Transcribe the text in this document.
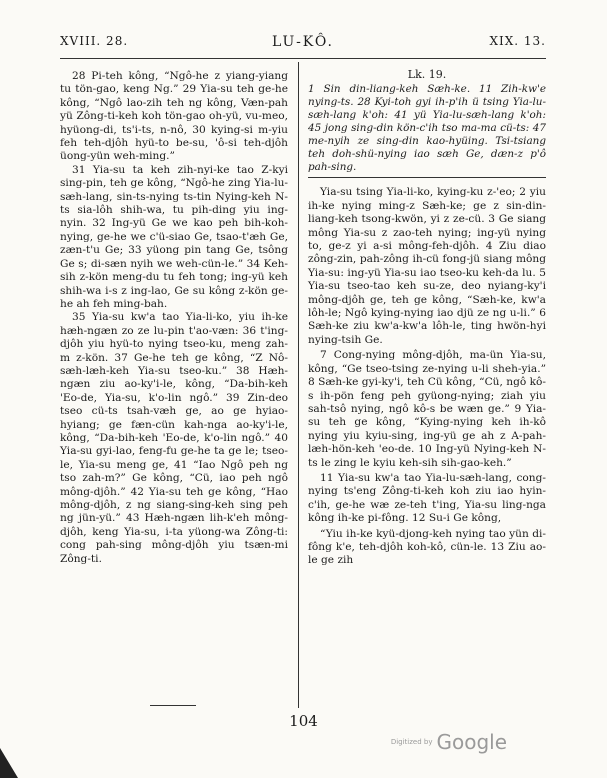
XVIII. 28.	LU-KÔ.	XIX. 13.

28 Pi-teh kông, “Ngô-he z yiang-yiang tu tön-gao, keng Ng.” 29 Yia-su teh ge-he kông, “Ngô lao-zih teh ng kông, Væn-pah yü Zông-ti-keh koh tön-gao oh-yü, vu-meo, hyüong-di, ts'i-ts, n-nô, 30 kying-si m-yiu feh teh-djôh hyü-to be-su, 'ô-si teh-djôh üong-yün weh-ming.”

31 Yia-su ta keh zih-nyi-ke tao Z-kyi sing-pin, teh ge kông, “Ngô-he zing Yia-lu-sæh-lang, sin-ts-nying ts-tin Nying-keh N-ts sia-lôh shih-wa, tu pih-ding yiu ing-nyin. 32 Ing-yü Ge we kao peh bih-koh-nying, ge-he we c'ü-siao Ge, tsao-t'æh Ge, zæn-t'u Ge; 33 yüong pin tang Ge, tsông Ge s; di-sæn nyih we weh-cün-le.” 34 Keh-sih z-kön meng-du tu feh tong; ing-yü keh shih-wa i-s z ing-lao, Ge su kông z-kön ge-he ah feh ming-bah.

35 Yia-su kw'a tao Yia-li-ko, yiu ih-ke hæh-ngæn zo ze lu-pin t'ao-væn: 36 t'ing-djôh yiu hyü-to nying tseo-ku, meng zah-m z-kön. 37 Ge-he teh ge kông, “Z Nô-sæh-læh-keh Yia-su tseo-ku.” 38 Hæh-ngæn ziu ao-ky'i-le, kông, “Da-bih-keh 'Eo-de, Yia-su, k'o-lin ngô.” 39 Zin-deo tseo cü-ts tsah-væh ge, ao ge hyiao-hyiang; ge fæn-cün kah-nga ao-ky'i-le, kông, “Da-bih-keh 'Eo-de, k'o-lin ngô.” 40 Yia-su gyi-lao, feng-fu ge-he ta ge le; tseo-le, Yia-su meng ge, 41 “Iao Ngô peh ng tso zah-m?” Ge kông, “Cü, iao peh ngô mông-djôh.” 42 Yia-su teh ge kông, “Hao mông-djôh, z ng siang-sing-keh sing peh ng jün-yü.” 43 Hæh-ngæn lih-k'eh mông-djôh, keng Yia-su, i-ta yüong-wa Zông-ti: cong pah-sing mông-djôh yiu tsæn-mi Zông-ti.

Lk. 19.
1 Sin din-liang-keh Sæh-ke. 11 Zih-kw'e nying-ts. 28 Kyi-toh gyi ih-p'ih ü tsing Yia-lu-sæh-lang k'oh: 41 yü Yia-lu-sæh-lang k'oh: 45 jong sing-din kön-c'ih tso ma-ma cü-ts: 47 me-nyih ze sing-din kao-hyüing. Tsi-tsiang teh doh-shü-nying iao sæh Ge, dæn-z p'ô pah-sing.

Yia-su tsing Yia-li-ko, kying-ku z-'eo; 2 yiu ih-ke nying ming-z Sæh-ke; ge z sin-din-liang-keh tsong-kwön, yi z ze-cü. 3 Ge siang mông Yia-su z zao-teh nying; ing-yü nying to, ge-z yi a-si mông-feh-djôh. 4 Ziu diao zông-zin, pah-zông ih-cü fong-jü siang mông Yia-su: ing-yü Yia-su iao tseo-ku keh-da lu. 5 Yia-su tseo-tao keh su-ze, deo nyiang-ky'i mông-djôh ge, teh ge kông, “Sæh-ke, kw'a lôh-le; Ngô kying-nying iao djü ze ng u-li.” 6 Sæh-ke ziu kw'a-kw'a lôh-le, ting hwön-hyi nying-tsih Ge.

7 Cong-nying mông-djôh, ma-ün Yia-su, kông, “Ge tseo-tsing ze-nying u-li sheh-yia.” 8 Sæh-ke gyi-ky'i, teh Cü kông, “Cü, ngô kô-s ih-pön feng peh gyüong-nying; ziah yiu sah-tsô nying, ngô kô-s be wæn ge.” 9 Yia-su teh ge kông, “Kying-nying keh ih-kô nying yiu kyiu-sing, ing-yü ge ah z A-pah-læh-hön-keh 'eo-de. 10 Ing-yü Nying-keh N-ts le zing le kyiu keh-sih sih-gao-keh.”

11 Yia-su kw'a tao Yia-lu-sæh-lang, cong-nying ts'eng Zông-ti-keh koh ziu iao hyin-c'ih, ge-he wæ ze-teh t'ing, Yia-su ling-nga kông ih-ke pi-fông. 12 Su-i Ge kông,

“Yiu ih-ke kyü-djong-keh nying tao yün di-fông k'e, teh-djôh koh-kô, cün-le. 13 Ziu ao-le ge zih

104
Digitized by Google
